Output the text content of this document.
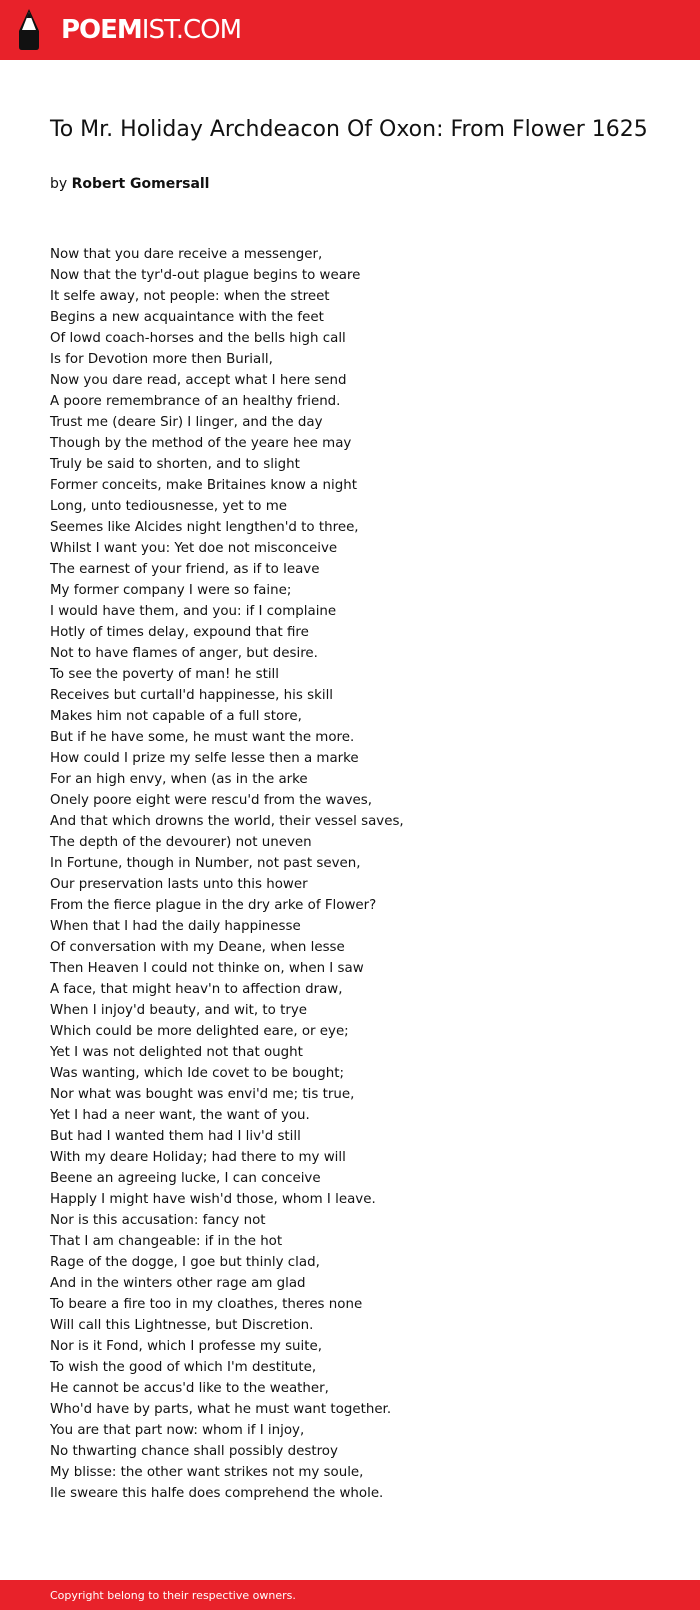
POEMIST.COM
To Mr. Holiday Archdeacon Of Oxon: From Flower 1625
by Robert Gomersall
Now that you dare receive a messenger,
Now that the tyr'd-out plague begins to weare
It selfe away, not people: when the street
Begins a new acquaintance with the feet
Of lowd coach-horses and the bells high call
Is for Devotion more then Buriall,
Now you dare read, accept what I here send
A poore remembrance of an healthy friend.
Trust me (deare Sir) I linger, and the day
Though by the method of the yeare hee may
Truly be said to shorten, and to slight
Former conceits, make Britaines know a night
Long, unto tediousnesse, yet to me
Seemes like Alcides night lengthen'd to three,
Whilst I want you: Yet doe not misconceive
The earnest of your friend, as if to leave
My former company I were so faine;
I would have them, and you: if I complaine
Hotly of times delay, expound that fire
Not to have flames of anger, but desire.
To see the poverty of man! he still
Receives but curtall'd happinesse, his skill
Makes him not capable of a full store,
But if he have some, he must want the more.
How could I prize my selfe lesse then a marke
For an high envy, when (as in the arke
Onely poore eight were rescu'd from the waves,
And that which drowns the world, their vessel saves,
The depth of the devourer) not uneven
In Fortune, though in Number, not past seven,
Our preservation lasts unto this hower
From the fierce plague in the dry arke of Flower?
When that I had the daily happinesse
Of conversation with my Deane, when lesse
Then Heaven I could not thinke on, when I saw
A face, that might heav'n to affection draw,
When I injoy'd beauty, and wit, to trye
Which could be more delighted eare, or eye;
Yet I was not delighted not that ought
Was wanting, which Ide covet to be bought;
Nor what was bought was envi'd me; tis true,
Yet I had a neer want, the want of you.
But had I wanted them had I liv'd still
With my deare Holiday; had there to my will
Beene an agreeing lucke, I can conceive
Happly I might have wish'd those, whom I leave.
Nor is this accusation: fancy not
That I am changeable: if in the hot
Rage of the dogge, I goe but thinly clad,
And in the winters other rage am glad
To beare a fire too in my cloathes, theres none
Will call this Lightnesse, but Discretion.
Nor is it Fond, which I professe my suite,
To wish the good of which I'm destitute,
He cannot be accus'd like to the weather,
Who'd have by parts, what he must want together.
You are that part now: whom if I injoy,
No thwarting chance shall possibly destroy
My blisse: the other want strikes not my soule,
Ile sweare this halfe does comprehend the whole.
Copyright belong to their respective owners.
